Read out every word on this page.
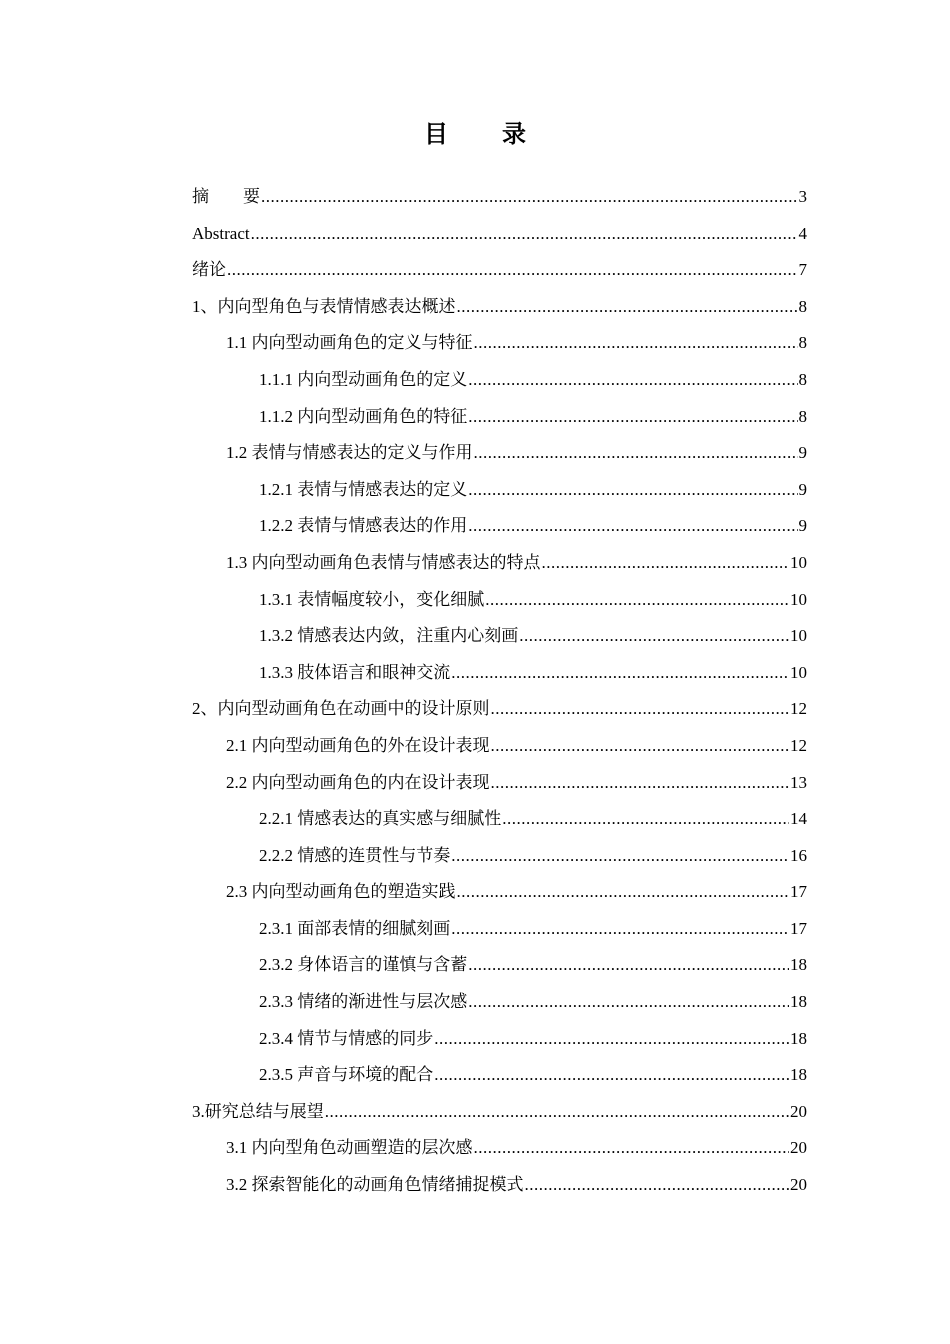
目 录
摘　　要 .....	3
Abstract .....	4
绪论 .....	7
1、内向型角色与表情情感表达概述 .....	8
1.1 内向型动画角色的定义与特征 .....	8
1.1.1 内向型动画角色的定义 .....	8
1.1.2 内向型动画角色的特征 .....	8
1.2 表情与情感表达的定义与作用 .....	9
1.2.1 表情与情感表达的定义 .....	9
1.2.2 表情与情感表达的作用 .....	9
1.3 内向型动画角色表情与情感表达的特点 .....	10
1.3.1 表情幅度较小，变化细腻 .....	10
1.3.2 情感表达内敛，注重内心刻画 .....	10
1.3.3 肢体语言和眼神交流 .....	10
2、内向型动画角色在动画中的设计原则 .....	12
2.1 内向型动画角色的外在设计表现 .....	12
2.2 内向型动画角色的内在设计表现 .....	13
2.2.1 情感表达的真实感与细腻性 .....	14
2.2.2 情感的连贯性与节奏 .....	16
2.3 内向型动画角色的塑造实践 .....	17
2.3.1 面部表情的细腻刻画 .....	17
2.3.2 身体语言的谨慎与含蓄 .....	18
2.3.3 情绪的渐进性与层次感 .....	18
2.3.4 情节与情感的同步 .....	18
2.3.5 声音与环境的配合 .....	18
3.研究总结与展望 .....	20
3.1 内向型角色动画塑造的层次感 .....	20
3.2 探索智能化的动画角色情绪捕捉模式 .....	20
